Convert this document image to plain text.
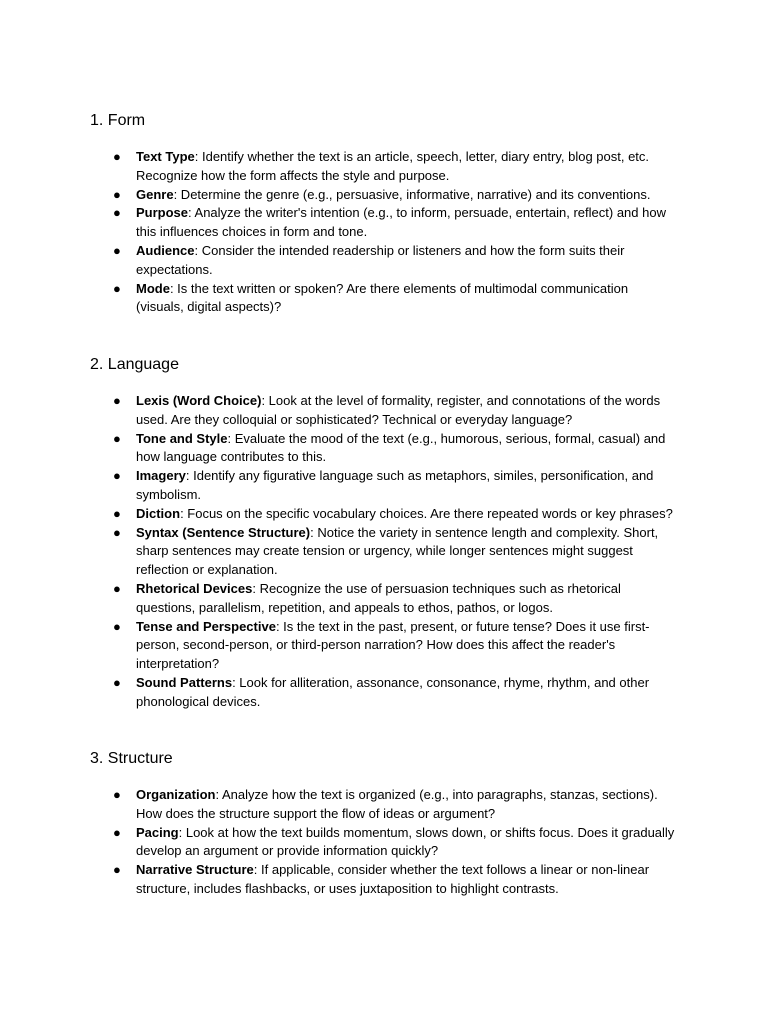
1. Form
● Text Type: Identify whether the text is an article, speech, letter, diary entry, blog post, etc. Recognize how the form affects the style and purpose.
● Genre: Determine the genre (e.g., persuasive, informative, narrative) and its conventions.
● Purpose: Analyze the writer's intention (e.g., to inform, persuade, entertain, reflect) and how this influences choices in form and tone.
● Audience: Consider the intended readership or listeners and how the form suits their expectations.
● Mode: Is the text written or spoken? Are there elements of multimodal communication (visuals, digital aspects)?
2. Language
● Lexis (Word Choice): Look at the level of formality, register, and connotations of the words used. Are they colloquial or sophisticated? Technical or everyday language?
● Tone and Style: Evaluate the mood of the text (e.g., humorous, serious, formal, casual) and how language contributes to this.
● Imagery: Identify any figurative language such as metaphors, similes, personification, and symbolism.
● Diction: Focus on the specific vocabulary choices. Are there repeated words or key phrases?
● Syntax (Sentence Structure): Notice the variety in sentence length and complexity. Short, sharp sentences may create tension or urgency, while longer sentences might suggest reflection or explanation.
● Rhetorical Devices: Recognize the use of persuasion techniques such as rhetorical questions, parallelism, repetition, and appeals to ethos, pathos, or logos.
● Tense and Perspective: Is the text in the past, present, or future tense? Does it use first-person, second-person, or third-person narration? How does this affect the reader's interpretation?
● Sound Patterns: Look for alliteration, assonance, consonance, rhyme, rhythm, and other phonological devices.
3. Structure
● Organization: Analyze how the text is organized (e.g., into paragraphs, stanzas, sections). How does the structure support the flow of ideas or argument?
● Pacing: Look at how the text builds momentum, slows down, or shifts focus. Does it gradually develop an argument or provide information quickly?
● Narrative Structure: If applicable, consider whether the text follows a linear or non-linear structure, includes flashbacks, or uses juxtaposition to highlight contrasts.
